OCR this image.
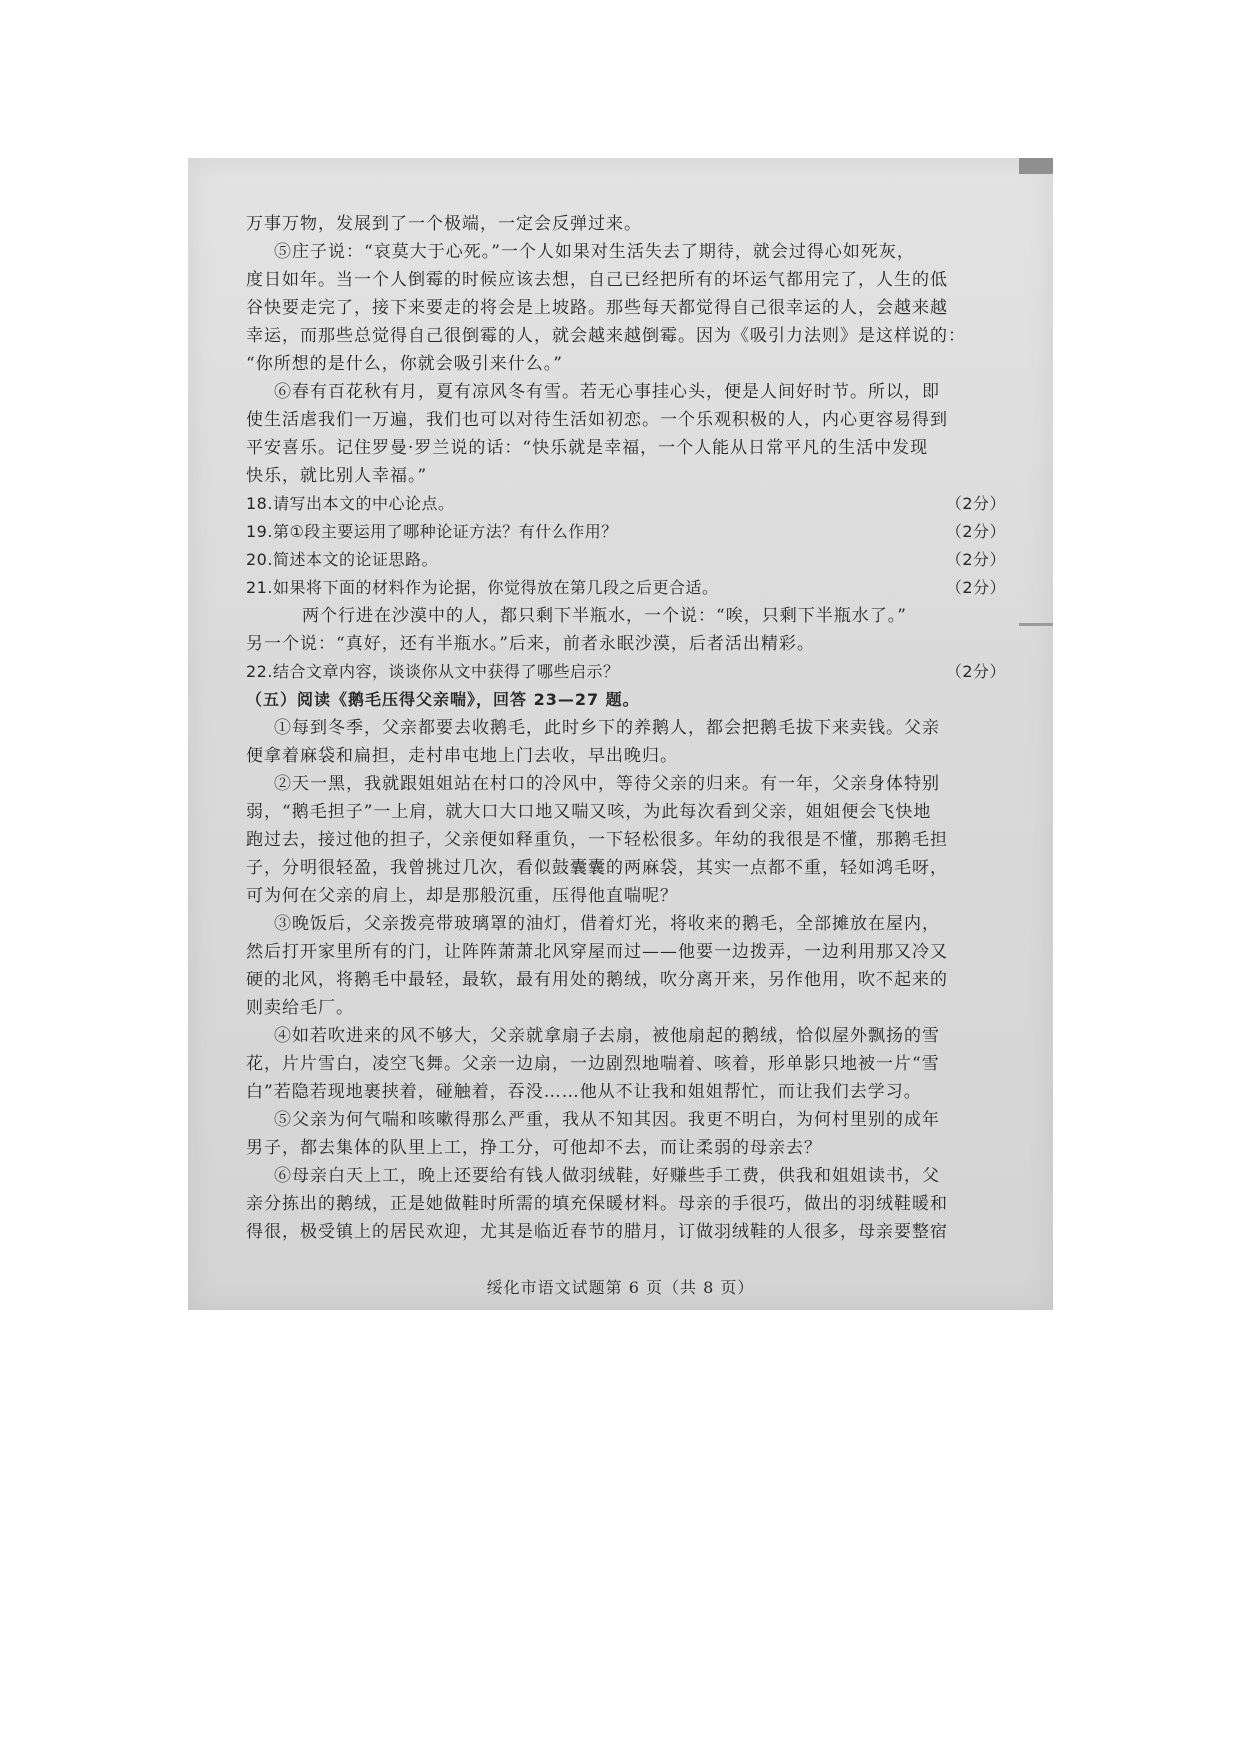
万事万物，发展到了一个极端，一定会反弹过来。
⑤庄子说：“哀莫大于心死。”一个人如果对生活失去了期待，就会过得心如死灰，
度日如年。当一个人倒霉的时候应该去想，自己已经把所有的坏运气都用完了，人生的低
谷快要走完了，接下来要走的将会是上坡路。那些每天都觉得自己很幸运的人，会越来越
幸运，而那些总觉得自己很倒霉的人，就会越来越倒霉。因为《吸引力法则》是这样说的：
“你所想的是什么，你就会吸引来什么。”
⑥春有百花秋有月，夏有凉风冬有雪。若无心事挂心头，便是人间好时节。所以，即
使生活虐我们一万遍，我们也可以对待生活如初恋。一个乐观积极的人，内心更容易得到
平安喜乐。记住罗曼·罗兰说的话：“快乐就是幸福，一个人能从日常平凡的生活中发现
快乐，就比别人幸福。”
18.请写出本文的中心论点。	（2分）
19.第①段主要运用了哪种论证方法？有什么作用？	（2分）
20.简述本文的论证思路。	（2分）
21.如果将下面的材料作为论据，你觉得放在第几段之后更合适。	（2分）
两个行进在沙漠中的人，都只剩下半瓶水，一个说：“唉，只剩下半瓶水了。”
另一个说：“真好，还有半瓶水。”后来，前者永眠沙漠，后者活出精彩。
22.结合文章内容，谈谈你从文中获得了哪些启示？	（2分）
（五）阅读《鹅毛压得父亲喘》，回答 23—27 题。
①每到冬季，父亲都要去收鹅毛，此时乡下的养鹅人，都会把鹅毛拔下来卖钱。父亲
便拿着麻袋和扁担，走村串屯地上门去收，早出晚归。
②天一黑，我就跟姐姐站在村口的冷风中，等待父亲的归来。有一年，父亲身体特别
弱，“鹅毛担子”一上肩，就大口大口地又喘又咳，为此每次看到父亲，姐姐便会飞快地
跑过去，接过他的担子，父亲便如释重负，一下轻松很多。年幼的我很是不懂，那鹅毛担
子，分明很轻盈，我曾挑过几次，看似鼓囊囊的两麻袋，其实一点都不重，轻如鸿毛呀，
可为何在父亲的肩上，却是那般沉重，压得他直喘呢？
③晚饭后，父亲拨亮带玻璃罩的油灯，借着灯光，将收来的鹅毛，全部摊放在屋内，
然后打开家里所有的门，让阵阵萧萧北风穿屋而过——他要一边拨弄，一边利用那又冷又
硬的北风，将鹅毛中最轻，最软，最有用处的鹅绒，吹分离开来，另作他用，吹不起来的
则卖给毛厂。
④如若吹进来的风不够大，父亲就拿扇子去扇，被他扇起的鹅绒，恰似屋外飘扬的雪
花，片片雪白，凌空飞舞。父亲一边扇，一边剧烈地喘着、咳着，形单影只地被一片“雪
白”若隐若现地裹挟着，碰触着，吞没……他从不让我和姐姐帮忙，而让我们去学习。
⑤父亲为何气喘和咳嗽得那么严重，我从不知其因。我更不明白，为何村里别的成年
男子，都去集体的队里上工，挣工分，可他却不去，而让柔弱的母亲去？
⑥母亲白天上工，晚上还要给有钱人做羽绒鞋，好赚些手工费，供我和姐姐读书，父
亲分拣出的鹅绒，正是她做鞋时所需的填充保暖材料。母亲的手很巧，做出的羽绒鞋暖和
得很，极受镇上的居民欢迎，尤其是临近春节的腊月，订做羽绒鞋的人很多，母亲要整宿
绥化市语文试题第 6 页（共 8 页）
